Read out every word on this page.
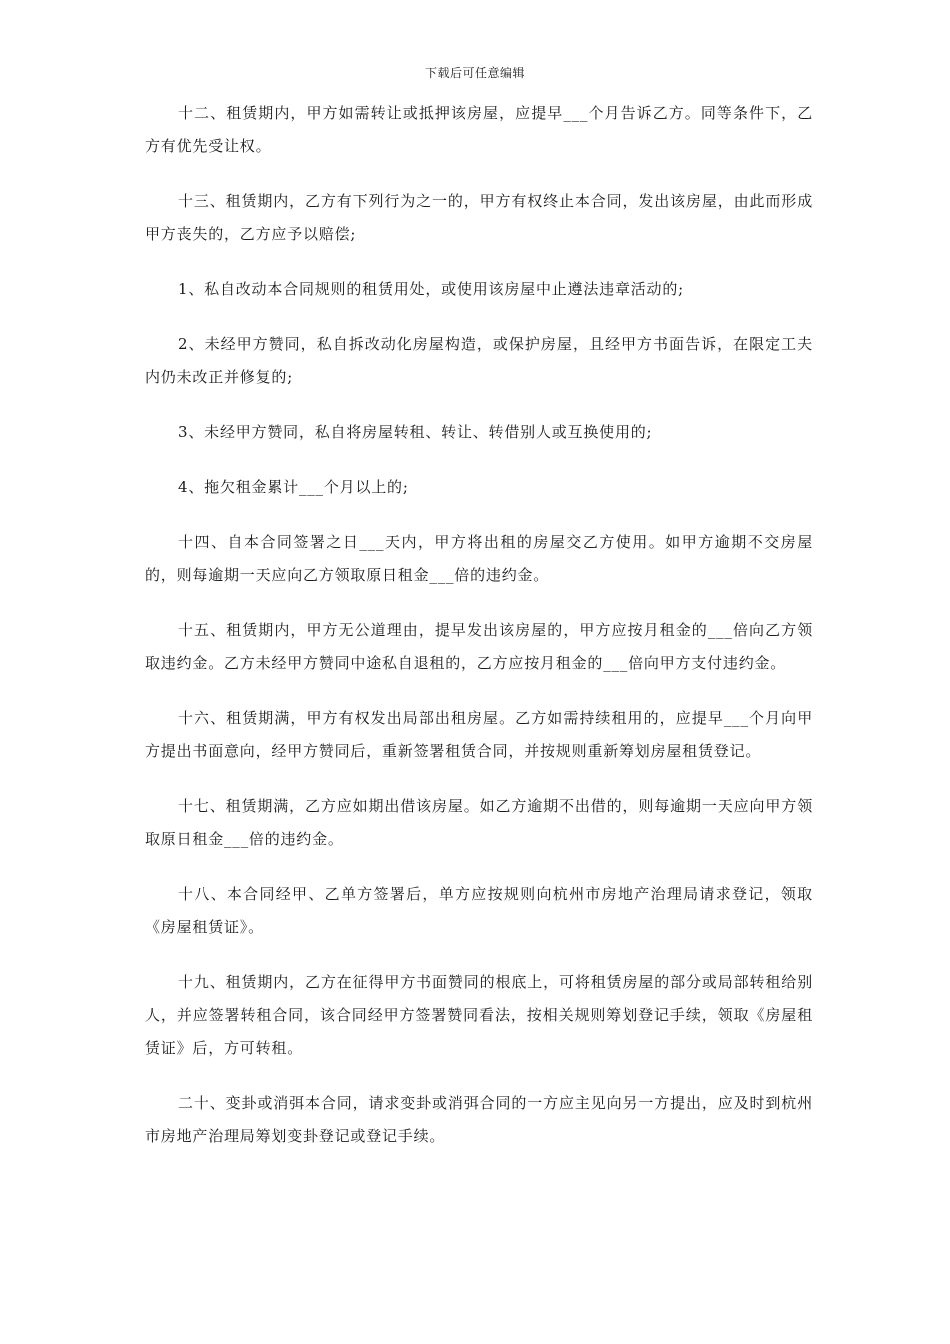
下载后可任意编辑

十二、租赁期内，甲方如需转让或抵押该房屋，应提早___个月告诉乙方。同等条件下，乙方有优先受让权。

十三、租赁期内，乙方有下列行为之一的，甲方有权终止本合同，发出该房屋，由此而形成甲方丧失的，乙方应予以赔偿;

1、私自改动本合同规则的租赁用处，或使用该房屋中止遵法违章活动的;

2、未经甲方赞同，私自拆改动化房屋构造，或保护房屋，且经甲方书面告诉，在限定工夫内仍未改正并修复的;

3、未经甲方赞同，私自将房屋转租、转让、转借别人或互换使用的;

4、拖欠租金累计___个月以上的;

十四、自本合同签署之日___天内，甲方将出租的房屋交乙方使用。如甲方逾期不交房屋的，则每逾期一天应向乙方领取原日租金___倍的违约金。

十五、租赁期内，甲方无公道理由，提早发出该房屋的，甲方应按月租金的___倍向乙方领取违约金。乙方未经甲方赞同中途私自退租的，乙方应按月租金的___倍向甲方支付违约金。

十六、租赁期满，甲方有权发出局部出租房屋。乙方如需持续租用的，应提早___个月向甲方提出书面意向，经甲方赞同后，重新签署租赁合同，并按规则重新筹划房屋租赁登记。

十七、租赁期满，乙方应如期出借该房屋。如乙方逾期不出借的，则每逾期一天应向甲方领取原日租金___倍的违约金。

十八、本合同经甲、乙单方签署后，单方应按规则向杭州市房地产治理局请求登记，领取《房屋租赁证》。

十九、租赁期内，乙方在征得甲方书面赞同的根底上，可将租赁房屋的部分或局部转租给别人，并应签署转租合同，该合同经甲方签署赞同看法，按相关规则筹划登记手续，领取《房屋租赁证》后，方可转租。

二十、变卦或消弭本合同，请求变卦或消弭合同的一方应主见向另一方提出，应及时到杭州市房地产治理局筹划变卦登记或登记手续。
